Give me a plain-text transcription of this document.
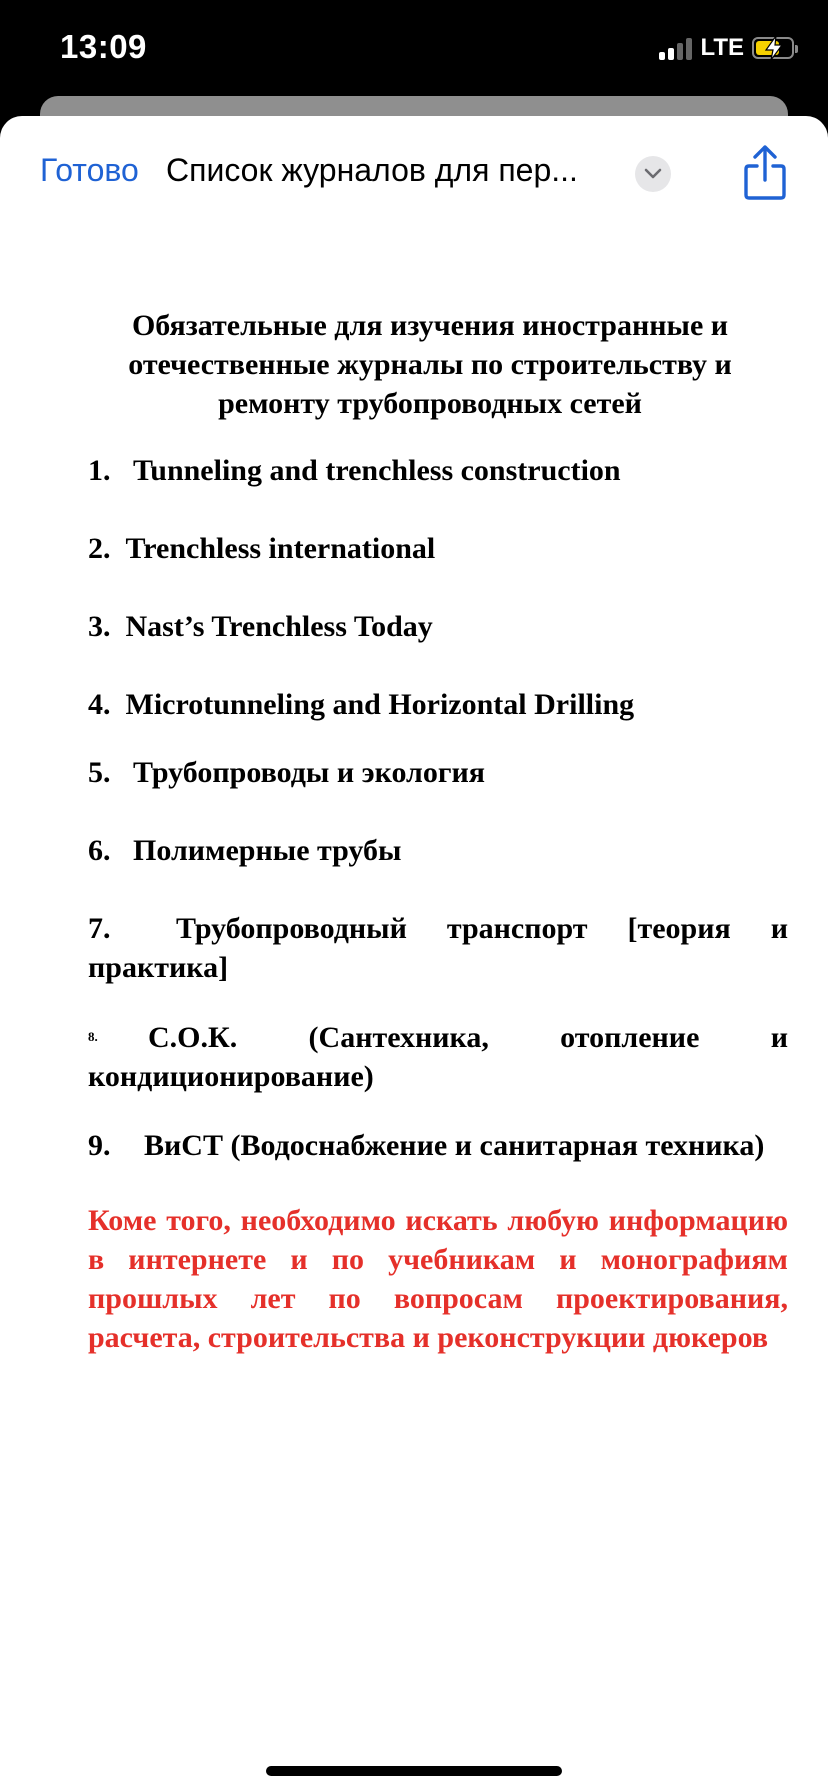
13:09	LTE
Готово Список журналов для пер...
Обязательные для изучения иностранные и отечественные журналы по строительству и ремонту трубопроводных сетей
1. Tunneling and trenchless construction
2. Trenchless international
3. Nast’s Trenchless Today
4. Microtunneling and Horizontal Drilling
5. Трубопроводы и экология
6. Полимерные трубы
7. Трубопроводный транспорт [теория и практика]
8. С.О.К. (Сантехника, отопление и кондиционирование)
9. ВиСТ (Водоснабжение и санитарная техника)
Коме того, необходимо искать любую информацию в интернете и по учебникам и монографиям прошлых лет по вопросам проектирования, расчета, строительства и реконструкции дюкеров
